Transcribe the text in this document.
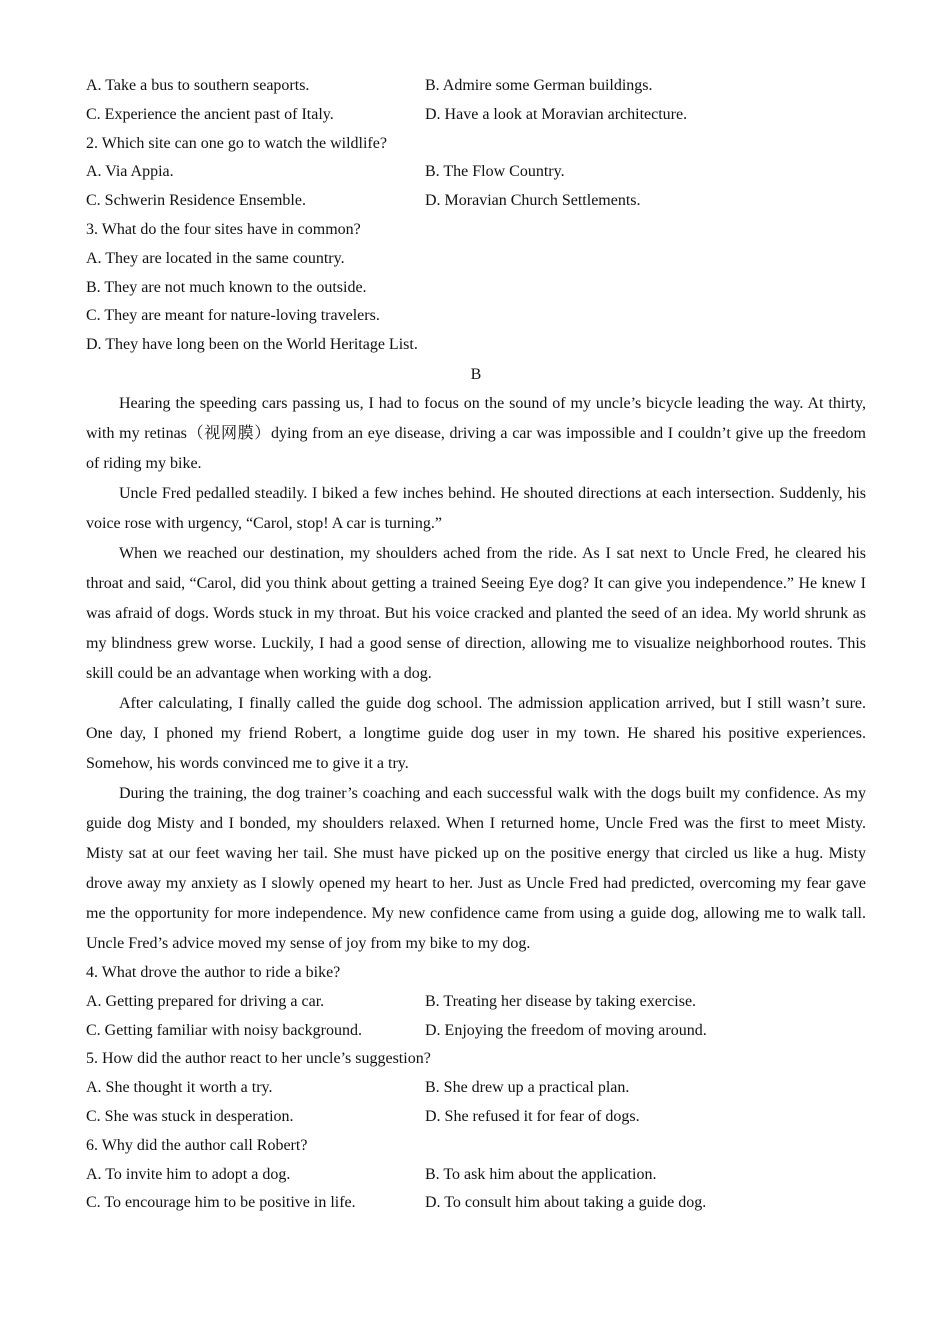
A. Take a bus to southern seaports.	B. Admire some German buildings.
C. Experience the ancient past of Italy.	D. Have a look at Moravian architecture.
2. Which site can one go to watch the wildlife?
A. Via Appia.	B. The Flow Country.
C. Schwerin Residence Ensemble.	D. Moravian Church Settlements.
3. What do the four sites have in common?
A. They are located in the same country.
B. They are not much known to the outside.
C. They are meant for nature-loving travelers.
D. They have long been on the World Heritage List.
B

Hearing the speeding cars passing us, I had to focus on the sound of my uncle’s bicycle leading the way. At thirty, with my retinas（视网膜）dying from an eye disease, driving a car was impossible and I couldn’t give up the freedom of riding my bike.

Uncle Fred pedalled steadily. I biked a few inches behind. He shouted directions at each intersection. Suddenly, his voice rose with urgency, “Carol, stop! A car is turning.”

When we reached our destination, my shoulders ached from the ride. As I sat next to Uncle Fred, he cleared his throat and said, “Carol, did you think about getting a trained Seeing Eye dog? It can give you independence.” He knew I was afraid of dogs. Words stuck in my throat. But his voice cracked and planted the seed of an idea. My world shrunk as my blindness grew worse. Luckily, I had a good sense of direction, allowing me to visualize neighborhood routes. This skill could be an advantage when working with a dog.

After calculating, I finally called the guide dog school. The admission application arrived, but I still wasn’t sure. One day, I phoned my friend Robert, a longtime guide dog user in my town. He shared his positive experiences. Somehow, his words convinced me to give it a try.

During the training, the dog trainer’s coaching and each successful walk with the dogs built my confidence. As my guide dog Misty and I bonded, my shoulders relaxed. When I returned home, Uncle Fred was the first to meet Misty. Misty sat at our feet waving her tail. She must have picked up on the positive energy that circled us like a hug. Misty drove away my anxiety as I slowly opened my heart to her. Just as Uncle Fred had predicted, overcoming my fear gave me the opportunity for more independence. My new confidence came from using a guide dog, allowing me to walk tall. Uncle Fred’s advice moved my sense of joy from my bike to my dog.

4. What drove the author to ride a bike?
A. Getting prepared for driving a car.	B. Treating her disease by taking exercise.
C. Getting familiar with noisy background.	D. Enjoying the freedom of moving around.
5. How did the author react to her uncle’s suggestion?
A. She thought it worth a try.	B. She drew up a practical plan.
C. She was stuck in desperation.	D. She refused it for fear of dogs.
6. Why did the author call Robert?
A. To invite him to adopt a dog.	B. To ask him about the application.
C. To encourage him to be positive in life.	D. To consult him about taking a guide dog.
